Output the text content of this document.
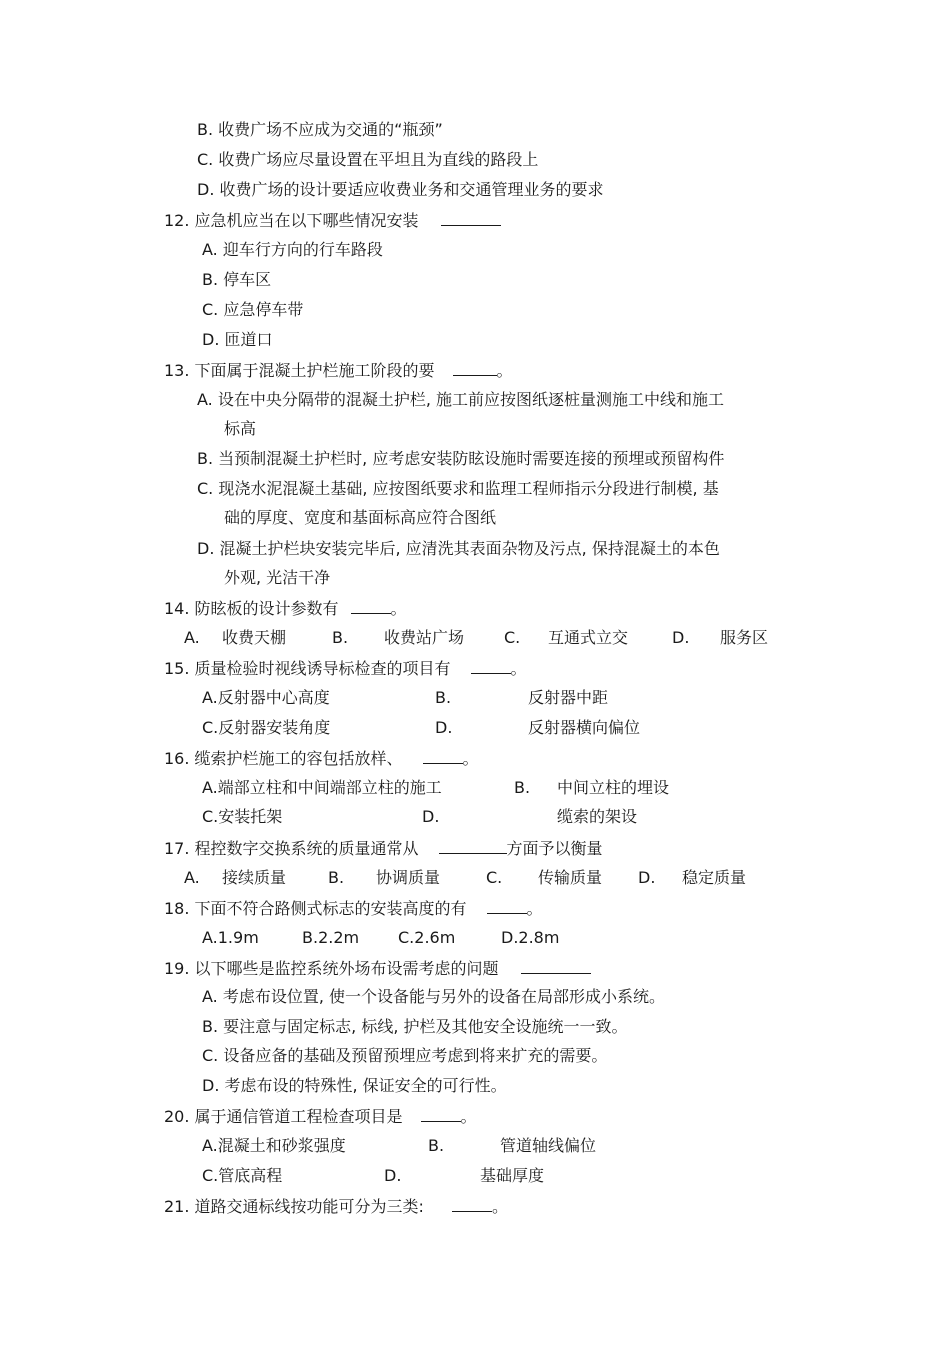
B. 收费广场不应成为交通的“瓶颈”
C. 收费广场应尽量设置在平坦且为直线的路段上
D. 收费广场的设计要适应收费业务和交通管理业务的要求
12. 应急机应当在以下哪些情况安装
A. 迎车行方向的行车路段
B. 停车区
C. 应急停车带
D. 匝道口
13. 下面属于混凝土护栏施工阶段的要	。
A. 设在中央分隔带的混凝土护栏, 施工前应按图纸逐桩量测施工中线和施工
标高
B. 当预制混凝土护栏时, 应考虑安装防眩设施时需要连接的预埋或预留构件
C. 现浇水泥混凝土基础, 应按图纸要求和监理工程师指示分段进行制模, 基
础的厚度、宽度和基面标高应符合图纸
D. 混凝土护栏块安装完毕后, 应清洗其表面杂物及污点, 保持混凝土的本色
外观, 光洁干净
14. 防眩板的设计参数有	。
A. 收费天棚	B. 收费站广场 C. 互通式立交	D. 服务区
15. 质量检验时视线诱导标检查的项目有	。
A.反射器中心高度	B.	反射器中距
C.反射器安装角度	D.	反射器横向偏位
16. 缆索护栏施工的容包括放样、	。
A.端部立柱和中间端部立柱的施工	B. 中间立柱的埋设
C.安装托架	D.	缆索的架设
17. 程控数字交换系统的质量通常从	方面予以衡量
A. 接续质量	B. 协调质量	C. 传输质量 D. 稳定质量
18. 下面不符合路侧式标志的安装高度的有	。
A.1.9m	B.2.2m C.2.6m	D.2.8m
19. 以下哪些是监控系统外场布设需考虑的问题
A. 考虑布设位置, 使一个设备能与另外的设备在局部形成小系统。
B. 要注意与固定标志, 标线, 护栏及其他安全设施统一一致。
C. 设备应备的基础及预留预埋应考虑到将来扩充的需要。
D. 考虑布设的特殊性, 保证安全的可行性。
20. 属于通信管道工程检查项目是	。
A.混凝土和砂浆强度	B.	管道轴线偏位
C.管底高程	D.	基础厚度
21. 道路交通标线按功能可分为三类:	。
